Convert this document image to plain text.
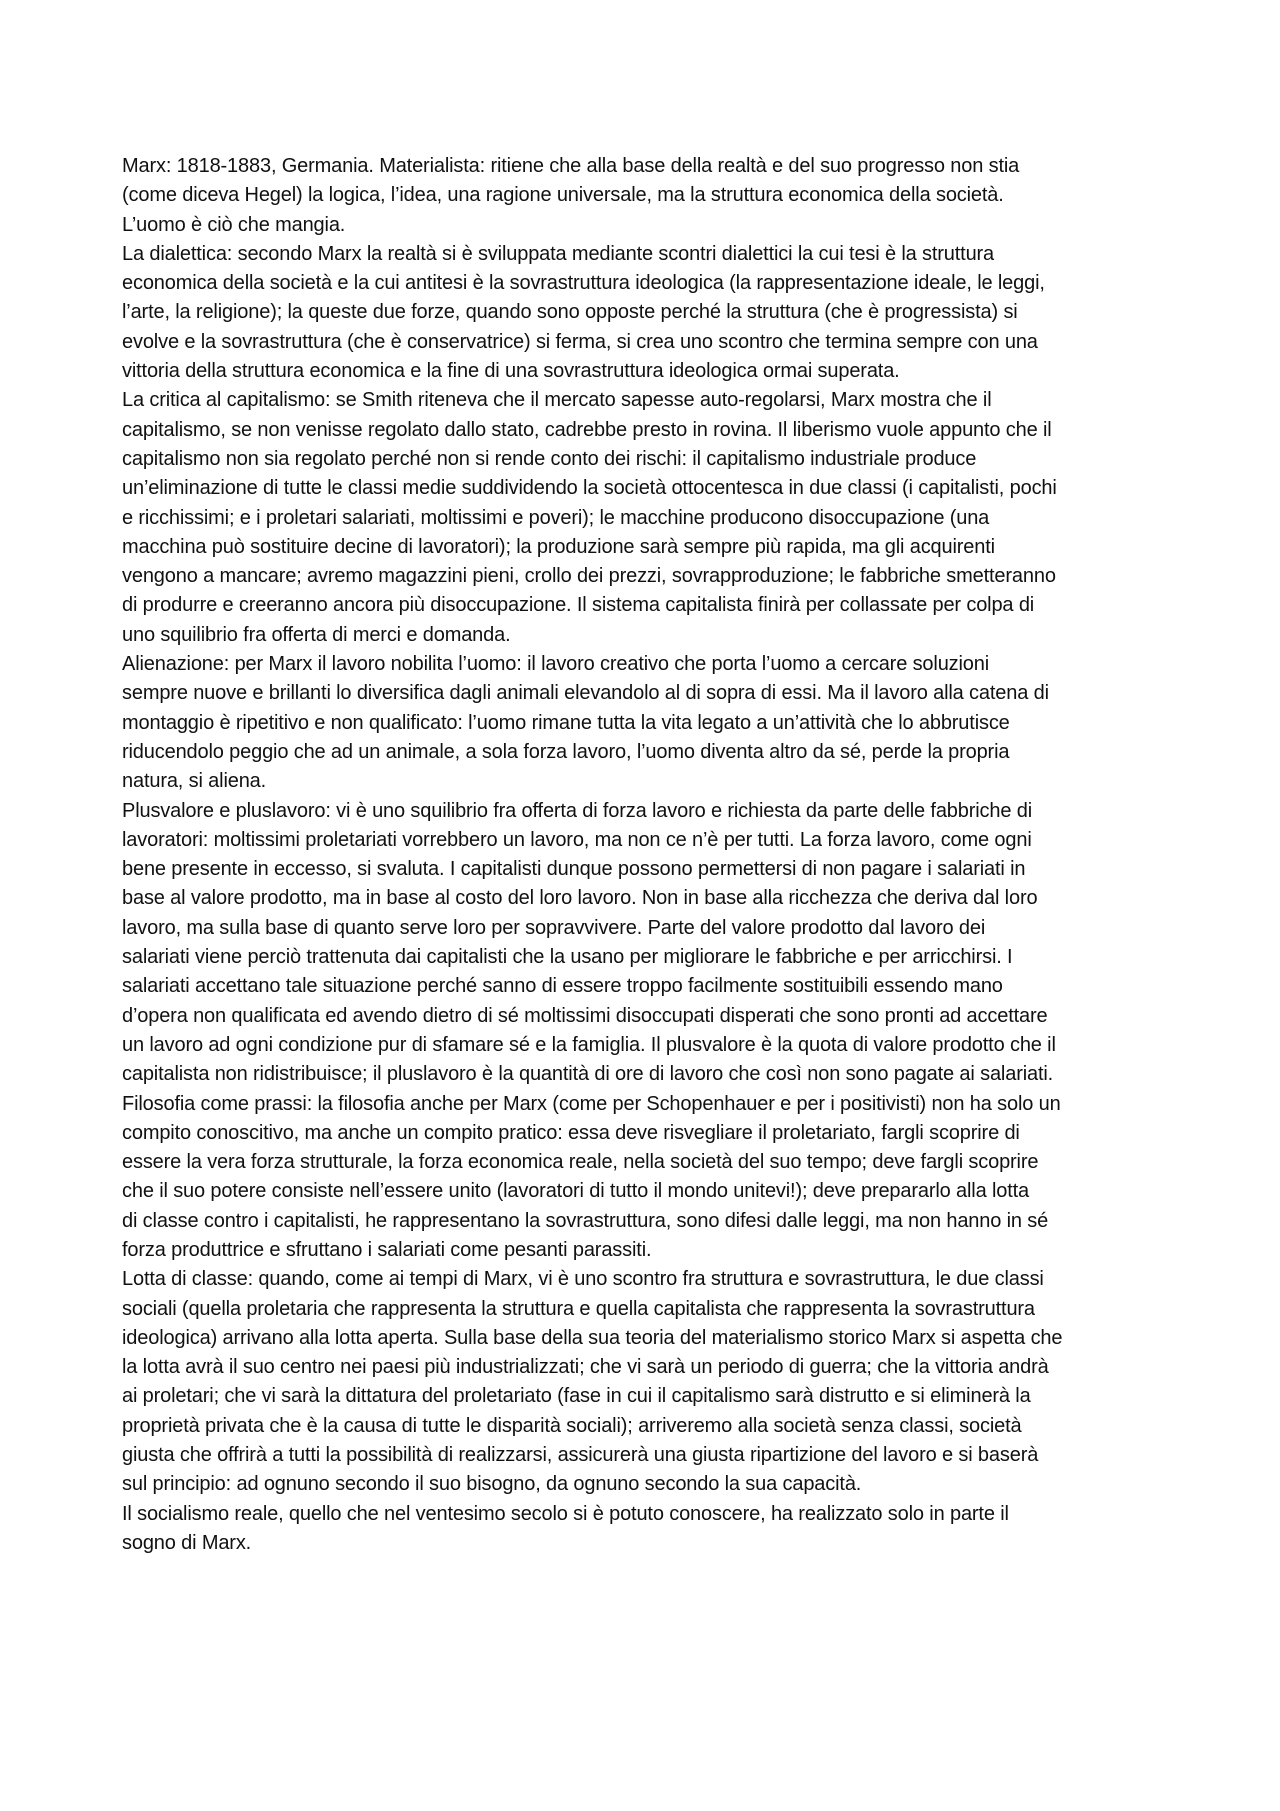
Marx: 1818-1883, Germania. Materialista: ritiene che alla base della realtà e del suo progresso non stia
(come diceva Hegel) la logica, l’idea, una ragione universale, ma la struttura economica della società.
L’uomo è ciò che mangia.

La dialettica: secondo Marx la realtà si è sviluppata mediante scontri dialettici la cui tesi è la struttura
economica della società e la cui antitesi è la sovrastruttura ideologica (la rappresentazione ideale, le leggi,
l’arte, la religione); la queste due forze, quando sono opposte perché la struttura (che è progressista) si
evolve e la sovrastruttura (che è conservatrice) si ferma, si crea uno scontro che termina sempre con una
vittoria della struttura economica e la fine di una sovrastruttura ideologica ormai superata.

La critica al capitalismo: se Smith riteneva che il mercato sapesse auto-regolarsi, Marx mostra che il
capitalismo, se non venisse regolato dallo stato, cadrebbe presto in rovina. Il liberismo vuole appunto che il
capitalismo non sia regolato perché non si rende conto dei rischi: il capitalismo industriale produce
un’eliminazione di tutte le classi medie suddividendo la società ottocentesca in due classi (i capitalisti, pochi
e ricchissimi; e i proletari salariati, moltissimi e poveri); le macchine producono disoccupazione (una
macchina può sostituire decine di lavoratori); la produzione sarà sempre più rapida, ma gli acquirenti
vengono a mancare; avremo magazzini pieni, crollo dei prezzi, sovrapproduzione; le fabbriche smetteranno
di produrre e creeranno ancora più disoccupazione. Il sistema capitalista finirà per collassate per colpa di
uno squilibrio fra offerta di merci e domanda.

Alienazione: per Marx il lavoro nobilita l’uomo: il lavoro creativo che porta l’uomo a cercare soluzioni
sempre nuove e brillanti lo diversifica dagli animali elevandolo al di sopra di essi. Ma il lavoro alla catena di
montaggio è ripetitivo e non qualificato: l’uomo rimane tutta la vita legato a un’attività che lo abbrutisce
riducendolo peggio che ad un animale, a sola forza lavoro, l’uomo diventa altro da sé, perde la propria
natura, si aliena.

Plusvalore e pluslavoro: vi è uno squilibrio fra offerta di forza lavoro e richiesta da parte delle fabbriche di
lavoratori: moltissimi proletariati vorrebbero un lavoro, ma non ce n’è per tutti. La forza lavoro, come ogni
bene presente in eccesso, si svaluta. I capitalisti dunque possono permettersi di non pagare i salariati in
base al valore prodotto, ma in base al costo del loro lavoro. Non in base alla ricchezza che deriva dal loro
lavoro, ma sulla base di quanto serve loro per sopravvivere. Parte del valore prodotto dal lavoro dei
salariati viene perciò trattenuta dai capitalisti che la usano per migliorare le fabbriche e per arricchirsi. I
salariati accettano tale situazione perché sanno di essere troppo facilmente sostituibili essendo mano
d’opera non qualificata ed avendo dietro di sé moltissimi disoccupati disperati che sono pronti ad accettare
un lavoro ad ogni condizione pur di sfamare sé e la famiglia. Il plusvalore è la quota di valore prodotto che il
capitalista non ridistribuisce; il pluslavoro è la quantità di ore di lavoro che così non sono pagate ai salariati.

Filosofia come prassi: la filosofia anche per Marx (come per Schopenhauer e per i positivisti) non ha solo un
compito conoscitivo, ma anche un compito pratico: essa deve risvegliare il proletariato, fargli scoprire di
essere la vera forza strutturale, la forza economica reale, nella società del suo tempo; deve fargli scoprire
che il suo potere consiste nell’essere unito (lavoratori di tutto il mondo unitevi!); deve prepararlo alla lotta
di classe contro i capitalisti, he rappresentano la sovrastruttura, sono difesi dalle leggi, ma non hanno in sé
forza produttrice e sfruttano i salariati come pesanti parassiti.

Lotta di classe: quando, come ai tempi di Marx, vi è uno scontro fra struttura e sovrastruttura, le due classi
sociali (quella proletaria che rappresenta la struttura e quella capitalista che rappresenta la sovrastruttura
ideologica) arrivano alla lotta aperta. Sulla base della sua teoria del materialismo storico Marx si aspetta che
la lotta avrà il suo centro nei paesi più industrializzati; che vi sarà un periodo di guerra; che la vittoria andrà
ai proletari; che vi sarà la dittatura del proletariato (fase in cui il capitalismo sarà distrutto e si eliminerà la
proprietà privata che è la causa di tutte le disparità sociali); arriveremo alla società senza classi, società
giusta che offrirà a tutti la possibilità di realizzarsi, assicurerà una giusta ripartizione del lavoro e si baserà
sul principio: ad ognuno secondo il suo bisogno, da ognuno secondo la sua capacità.

Il socialismo reale, quello che nel ventesimo secolo si è potuto conoscere, ha realizzato solo in parte il
sogno di Marx.
